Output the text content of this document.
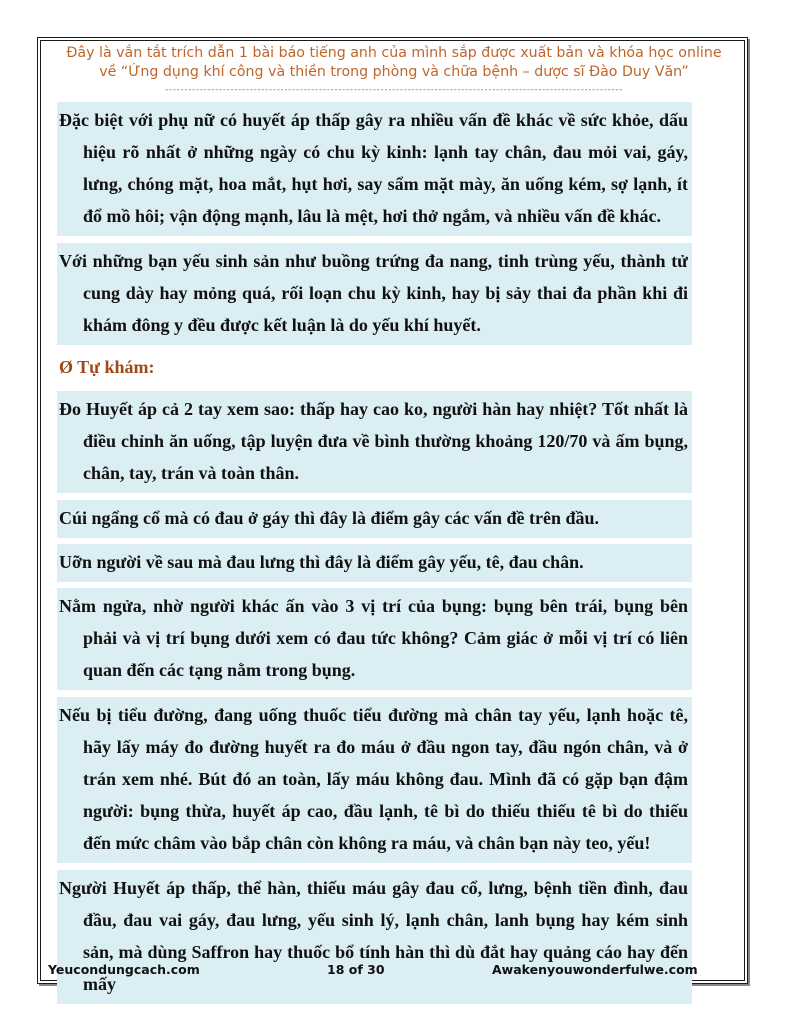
Đây là vắn tắt trích dẫn 1 bài báo tiếng anh của mình sắp được xuất bản và khóa học online
về “Ứng dụng khí công và thiền trong phòng và chữa bệnh – dược sĩ Đào Duy Văn”
-----------------------------------------------------------------------------------------------------------------------

Đặc biệt với phụ nữ có huyết áp thấp gây ra nhiều vấn đề khác về sức khỏe, dấu hiệu rõ nhất ở những ngày có chu kỳ kinh: lạnh tay chân, đau mỏi vai, gáy, lưng, chóng mặt, hoa mắt, hụt hơi, say sẩm mặt mày, ăn uống kém, sợ lạnh, ít đổ mồ hôi; vận động mạnh, lâu là mệt, hơi thở ngắm, và nhiều vấn đề khác.

Với những bạn yếu sinh sản như buồng trứng đa nang, tinh trùng yếu, thành tử cung dày hay mỏng quá, rối loạn chu kỳ kinh, hay bị sảy thai đa phần khi đi khám đông y đều được kết luận là do yếu khí huyết.

Ø Tự khám:

Đo Huyết áp cả 2 tay xem sao: thấp hay cao ko, người hàn hay nhiệt? Tốt nhất là điều chỉnh ăn uống, tập luyện đưa về bình thường khoảng 120/70 và ấm bụng, chân, tay, trán và toàn thân.

Cúi ngẩng cổ mà có đau ở gáy thì đây là điểm gây các vấn đề trên đầu.

Uỡn người về sau mà đau lưng thì đây là điểm gây yếu, tê, đau chân.

Nằm ngửa, nhờ người khác ấn vào 3 vị trí của bụng: bụng bên trái, bụng bên phải và vị trí bụng dưới xem có đau tức không? Cảm giác ở mỗi vị trí có liên quan đến các tạng nằm trong bụng.

Nếu bị tiểu đường, đang uống thuốc tiểu đường mà chân tay yếu, lạnh hoặc tê, hãy lấy máy đo đường huyết ra đo máu ở đầu ngon tay, đầu ngón chân, và ở trán xem nhé. Bút đó an toàn, lấy máu không đau. Mình đã có gặp bạn đậm người: bụng thừa, huyết áp cao, đầu lạnh, tê bì do thiếu thiếu tê bì do thiếu đến mức châm vào bắp chân còn không ra máu, và chân bạn này teo, yếu!

Người Huyết áp thấp, thể hàn, thiếu máu gây đau cổ, lưng, bệnh tiền đình, đau đầu, đau vai gáy, đau lưng, yếu sinh lý, lạnh chân, lanh bụng hay kém sinh sản, mà dùng Saffron hay thuốc bổ tính hàn thì dù đắt hay quảng cáo hay đến mấy

Yeucondungcach.com	18 of 30	Awakenyouwonderfulwe.com
